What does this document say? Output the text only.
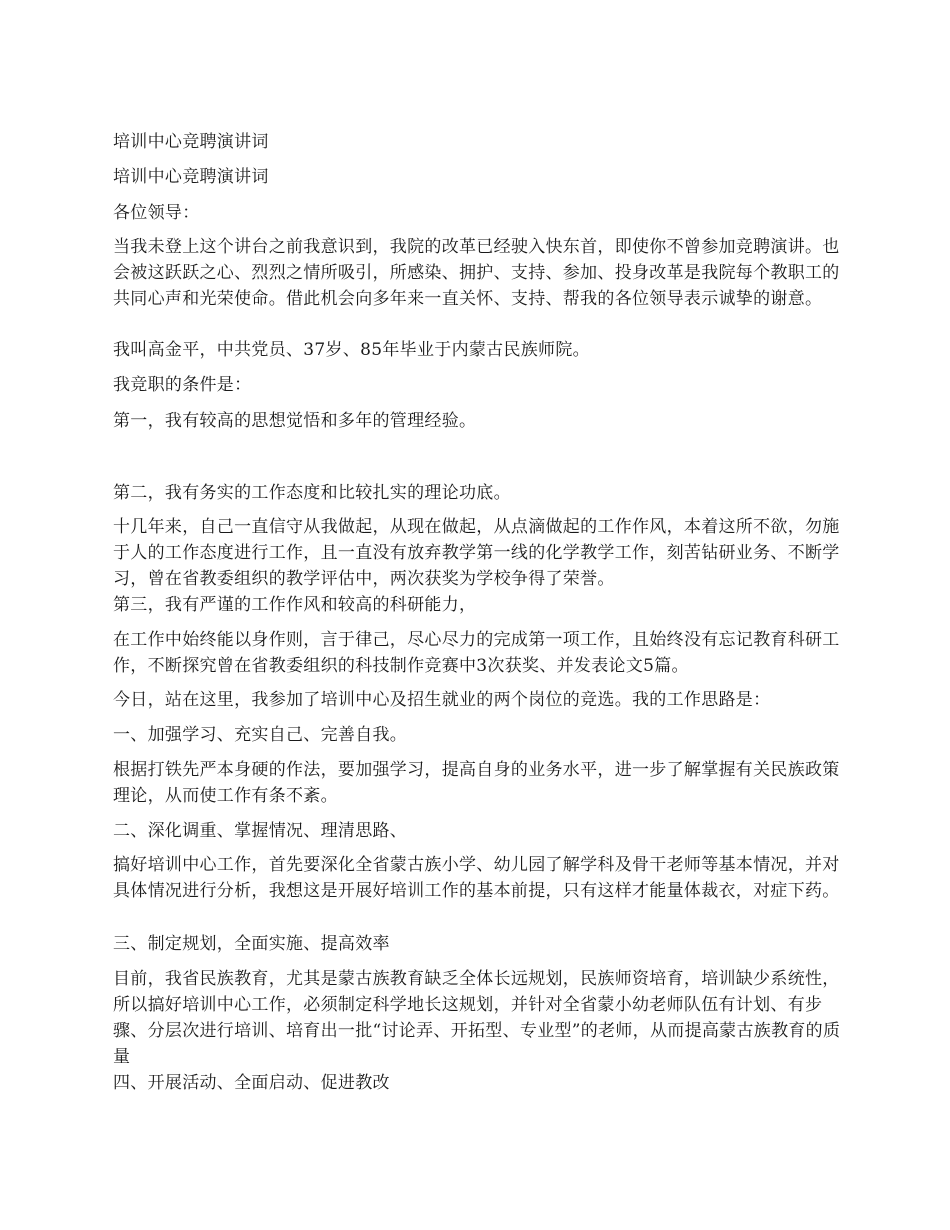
培训中心竞聘演讲词

培训中心竞聘演讲词

各位领导：

当我未登上这个讲台之前我意识到，我院的改革已经驶入快东首，即使你不曾参加竞聘演讲。也会被这跃跃之心、烈烈之情所吸引，所感染、拥护、支持、参加、投身改革是我院每个教职工的共同心声和光荣使命。借此机会向多年来一直关怀、支持、帮我的各位领导表示诚挚的谢意。

我叫高金平，中共党员、37岁、85年毕业于内蒙古民族师院。

我竞职的条件是：

第一，我有较高的思想觉悟和多年的管理经验。

第二，我有务实的工作态度和比较扎实的理论功底。

十几年来，自己一直信守从我做起，从现在做起，从点滴做起的工作作风，本着这所不欲，勿施于人的工作态度进行工作，且一直没有放弃教学第一线的化学教学工作，刻苦钻研业务、不断学习，曾在省教委组织的教学评估中，两次获奖为学校争得了荣誉。

第三，我有严谨的工作作风和较高的科研能力，

在工作中始终能以身作则，言于律己，尽心尽力的完成第一项工作，且始终没有忘记教育科研工作，不断探究曾在省教委组织的科技制作竞赛中3次获奖、并发表论文5篇。

今日，站在这里，我参加了培训中心及招生就业的两个岗位的竞选。我的工作思路是：

一、加强学习、充实自己、完善自我。

根据打铁先严本身硬的作法，要加强学习，提高自身的业务水平，进一步了解掌握有关民族政策理论，从而使工作有条不紊。

二、深化调重、掌握情况、理清思路、

搞好培训中心工作，首先要深化全省蒙古族小学、幼儿园了解学科及骨干老师等基本情况，并对具体情况进行分析，我想这是开展好培训工作的基本前提，只有这样才能量体裁衣，对症下药。

三、制定规划，全面实施、提高效率

目前，我省民族教育，尤其是蒙古族教育缺乏全体长远规划，民族师资培育，培训缺少系统性，所以搞好培训中心工作，必须制定科学地长这规划，并针对全省蒙小幼老师队伍有计划、有步骤、分层次进行培训、培育出一批“讨论弄、开拓型、专业型”的老师，从而提高蒙古族教育的质量

四、开展活动、全面启动、促进教改
